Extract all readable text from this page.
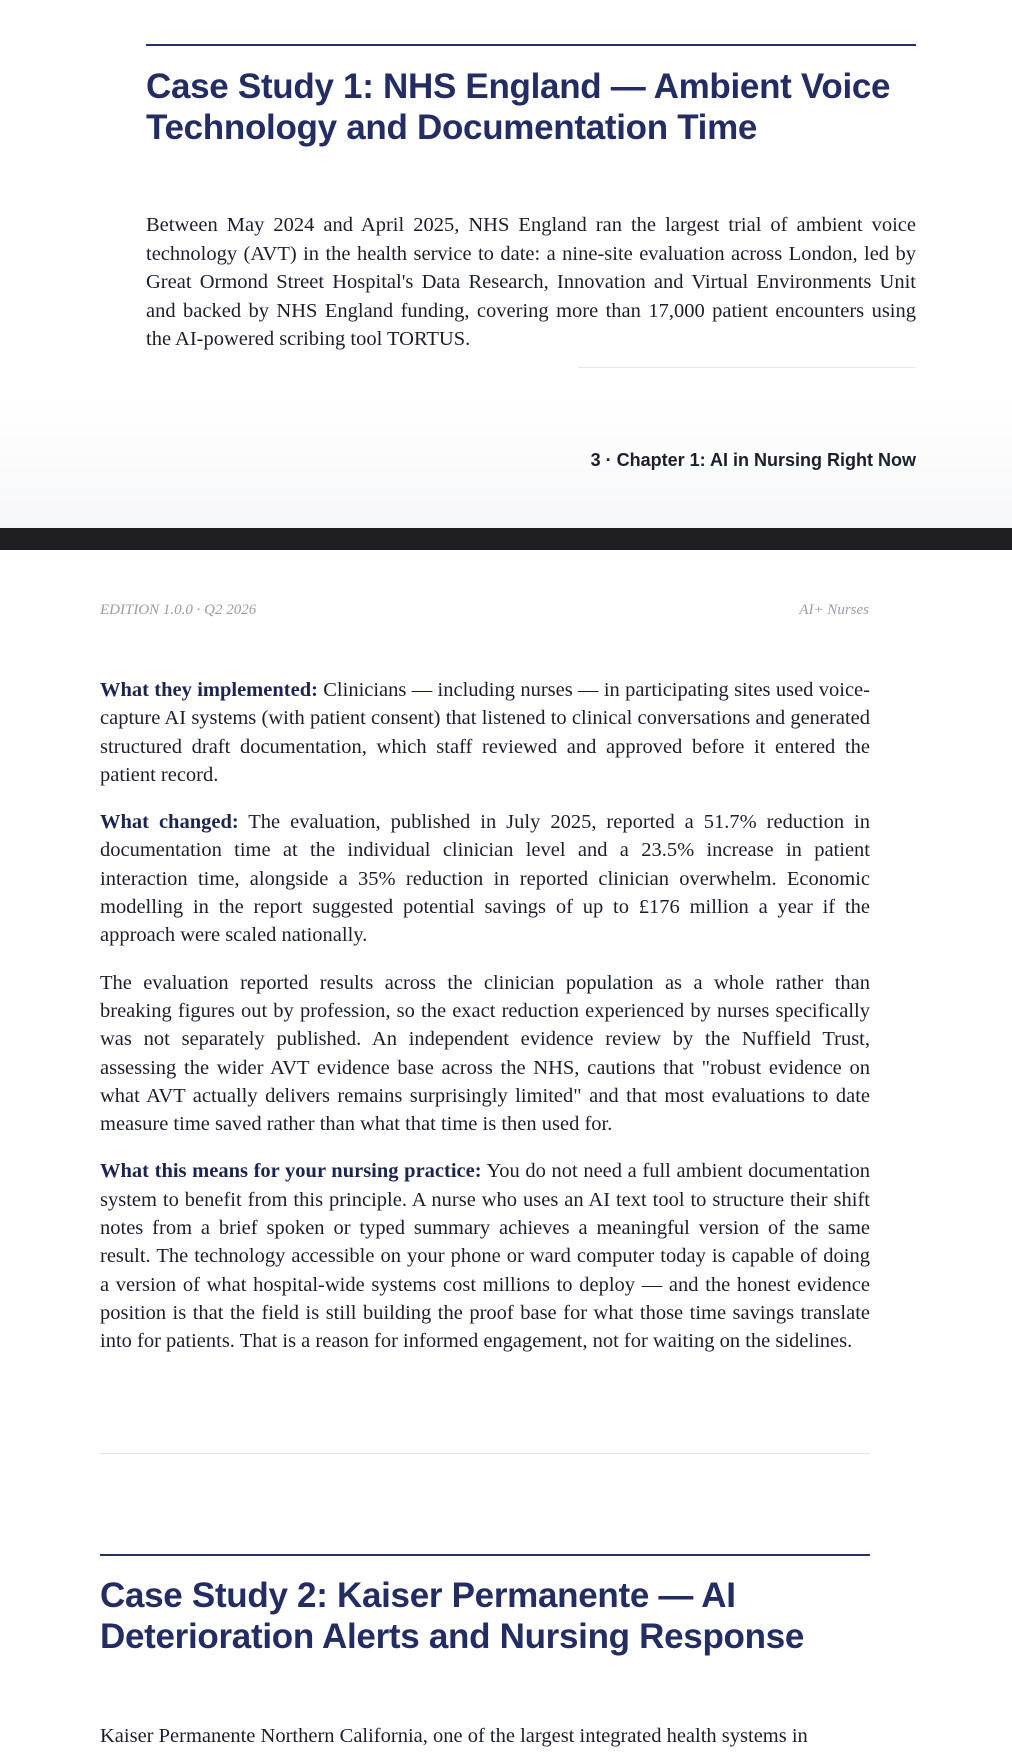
Case Study 1: NHS England — Ambient Voice Technology and Documentation Time

Between May 2024 and April 2025, NHS England ran the largest trial of ambient voice technology (AVT) in the health service to date: a nine-site evaluation across London, led by Great Ormond Street Hospital's Data Research, Innovation and Virtual Environments Unit and backed by NHS England funding, covering more than 17,000 patient encounters using the AI-powered scribing tool TORTUS.

3 · Chapter 1: AI in Nursing Right Now

EDITION 1.0.0 · Q2 2026	AI+ Nurses

What they implemented: Clinicians — including nurses — in participating sites used voice-capture AI systems (with patient consent) that listened to clinical conversations and generated structured draft documentation, which staff reviewed and approved before it entered the patient record.

What changed: The evaluation, published in July 2025, reported a 51.7% reduction in documentation time at the individual clinician level and a 23.5% increase in patient interaction time, alongside a 35% reduction in reported clinician overwhelm. Economic modelling in the report suggested potential savings of up to £176 million a year if the approach were scaled nationally.

The evaluation reported results across the clinician population as a whole rather than breaking figures out by profession, so the exact reduction experienced by nurses specifically was not separately published. An independent evidence review by the Nuffield Trust, assessing the wider AVT evidence base across the NHS, cautions that "robust evidence on what AVT actually delivers remains surprisingly limited" and that most evaluations to date measure time saved rather than what that time is then used for.

What this means for your nursing practice: You do not need a full ambient documentation system to benefit from this principle. A nurse who uses an AI text tool to structure their shift notes from a brief spoken or typed summary achieves a meaningful version of the same result. The technology accessible on your phone or ward computer today is capable of doing a version of what hospital-wide systems cost millions to deploy — and the honest evidence position is that the field is still building the proof base for what those time savings translate into for patients. That is a reason for informed engagement, not for waiting on the sidelines.

Case Study 2: Kaiser Permanente — AI Deterioration Alerts and Nursing Response

Kaiser Permanente Northern California, one of the largest integrated health systems in
